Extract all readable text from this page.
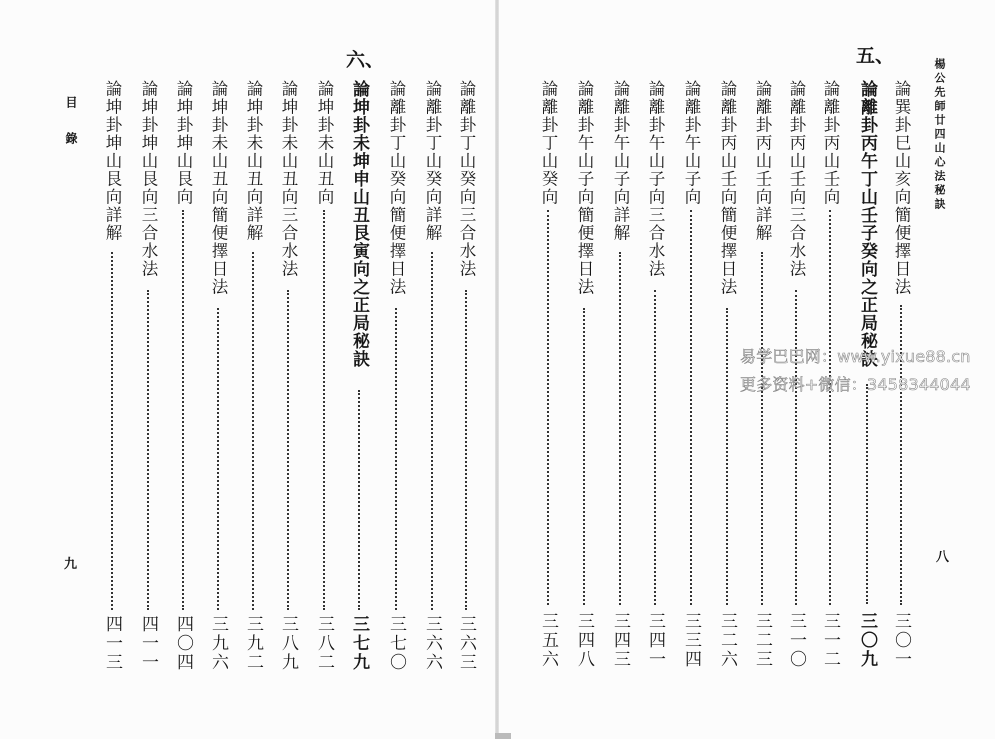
楊公先師廿四山心法秘訣
八
論巽卦巳山亥向簡便擇日法
三〇一
五、
論離卦丙午丁山壬子癸向之正局秘訣
三〇九
論離卦丙山壬向
三一二
論離卦丙山壬向三合水法
三一〇
論離卦丙山壬向詳解
三二三
論離卦丙山壬向簡便擇日法
三二六
論離卦午山子向
三三四
論離卦午山子向三合水法
三四一
論離卦午山子向詳解
三四三
論離卦午山子向簡便擇日法
三四八
論離卦丁山癸向
三五六
論離卦丁山癸向三合水法
三六三
論離卦丁山癸向詳解
三六六
論離卦丁山癸向簡便擇日法
三七〇
六、
論坤卦未坤申山丑艮寅向之正局秘訣
三七九
論坤卦未山丑向
三八二
論坤卦未山丑向三合水法
三八九
論坤卦未山丑向詳解
三九二
論坤卦未山丑向簡便擇日法
三九六
論坤卦坤山艮向
四〇四
論坤卦坤山艮向三合水法
四一一
論坤卦坤山艮向詳解
四一三
目　錄
九
易学巴巴网：www.yixue88.cn
更多资料+微信：3458344044
